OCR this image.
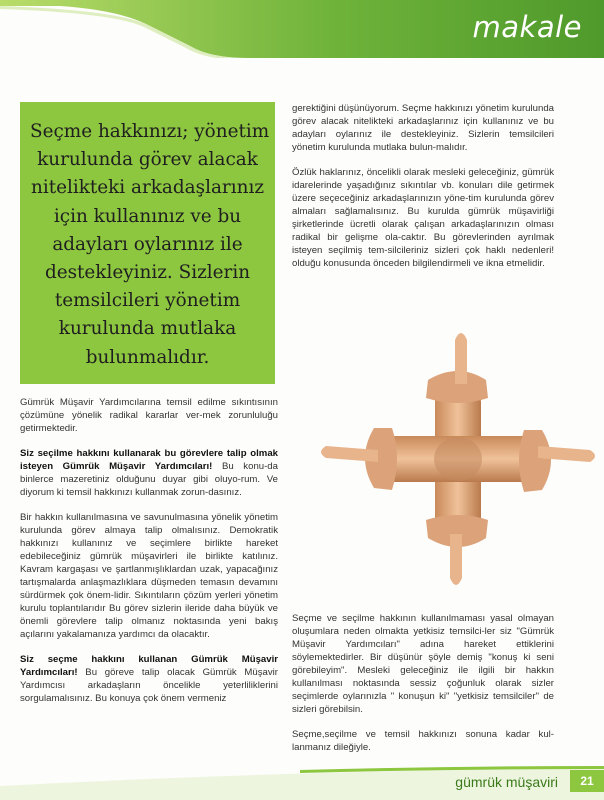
makale
Seçme hakkınızı; yönetim
kurulunda görev alacak
nitelikteki arkadaşlarınız
için kullanınız ve bu
adayları oylarınız ile
destekleyiniz. Sizlerin
temsilcileri yönetim
kurulunda mutlaka
bulunmalıdır.

Gümrük Müşavir Yardımcılarına temsil edilme sıkıntısının çözümüne yönelik radikal kararlar ver-mek zorunluluğu getirmektedir.

Siz seçilme hakkını kullanarak bu görevlere talip olmak isteyen Gümrük Müşavir Yardımcıları! Bu konu-da binlerce mazeretiniz olduğunu duyar gibi oluyo-rum. Ve diyorum ki temsil hakkınızı kullanmak zorun-dasınız.

Bir hakkın kullanılmasına ve savunulmasına yönelik yönetim kurulunda görev almaya talip olmalısınız. Demokratik hakkınızı kullanınız ve seçimlere birlikte hareket edebileceğiniz gümrük müşavirleri ile birlikte katılınız. Kavram kargaşası ve şartlanmışlıklardan uzak, yapacağınız tartışmalarda anlaşmazlıklara düşmeden temasın devamını sürdürmek çok önem-lidir. Sıkıntıların çözüm yerleri yönetim kurulu toplantılarıdır Bu görev sizlerin ileride daha büyük ve önemli görevlere talip olmanız noktasında yeni bakış açılarını yakalamanıza yardımcı da olacaktır.

Siz seçme hakkını kullanan Gümrük Müşavir Yardımcıları! Bu göreve talip olacak Gümrük Müşavir Yardımcısı arkadaşların öncelikle yeterliliklerini sorgulamalısınız. Bu konuya çok önem vermeniz

gerektiğini düşünüyorum. Seçme hakkınızı yönetim kurulunda görev alacak nitelikteki arkadaşlarınız için kullanınız ve bu adayları oylarınız ile destekleyiniz. Sizlerin temsilcileri yönetim kurulunda mutlaka bulun-malıdır.

Özlük haklarınız, öncelikli olarak mesleki geleceğiniz, gümrük idarelerinde yaşadığınız sıkıntılar vb. konuları dile getirmek üzere seçeceğiniz arkadaşlarınızın yöne-tim kurulunda görev almaları sağlamalısınız. Bu kurulda gümrük müşavirliği şirketlerinde ücretli olarak çalışan arkadaşlarınızın olması radikal bir gelişme ola-caktır. Bu görevlerinden ayrılmak isteyen seçilmiş tem-silcileriniz sizleri çok haklı nedenleri! olduğu konusunda önceden bilgilendirmeli ve ikna etmelidir.

Seçme ve seçilme hakkının kullanılmaması yasal olmayan oluşumlara neden olmakta yetkisiz temsilci-ler siz "Gümrük Müşavir Yardımcıları" adına hareket ettiklerini söylemektedirler. Bir düşünür şöyle demiş "konuş ki seni görebileyim". Mesleki geleceğiniz ile ilgili bir hakkın kullanılması noktasında sessiz çoğunluk olarak sizler seçimlerde oylarınızla " konuşun ki" "yetkisiz temsilciler" de sizleri görebilsin.

Seçme,seçilme ve temsil hakkınızı sonuna kadar kul-lanmanız dileğiyle.

gümrük müşaviri	21
